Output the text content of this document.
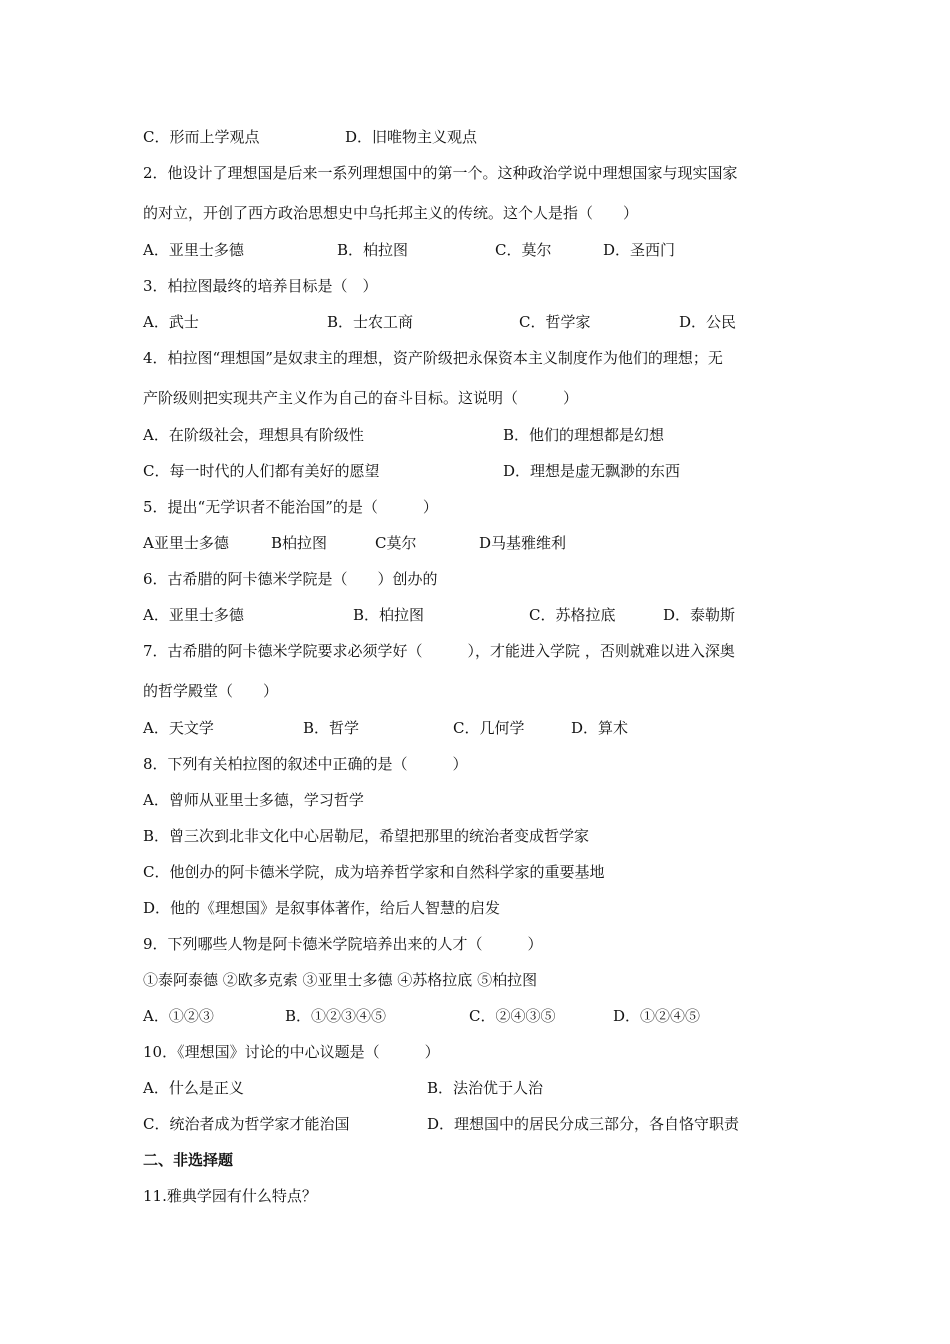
C．形而上学观点	D．旧唯物主义观点
2．他设计了理想国是后来一系列理想国中的第一个。这种政治学说中理想国家与现实国家
的对立，开创了西方政治思想史中乌托邦主义的传统。这个人是指（　　）
A．亚里士多德	B．柏拉图	C．莫尔	D．圣西门
3．柏拉图最终的培养目标是（　）
A．武士	B．士农工商	C．哲学家	D．公民
4．柏拉图“理想国”是奴隶主的理想，资产阶级把永保资本主义制度作为他们的理想；无
产阶级则把实现共产主义作为自己的奋斗目标。这说明（　　　）
A．在阶级社会，理想具有阶级性	B．他们的理想都是幻想
C．每一时代的人们都有美好的愿望	D．理想是虚无飘渺的东西
5．提出“无学识者不能治国”的是（　　　）
A亚里士多德	B柏拉图	C莫尔	D马基雅维利
6．古希腊的阿卡德米学院是（　　）创办的
A．亚里士多德	B．柏拉图	C．苏格拉底	D．泰勒斯
7．古希腊的阿卡德米学院要求必须学好（　　　），才能进入学院 ，否则就难以进入深奥
的哲学殿堂（　　）
A．天文学	B．哲学	C．几何学	D．算术
8．下列有关柏拉图的叙述中正确的是（　　　）
A．曾师从亚里士多德，学习哲学
B．曾三次到北非文化中心居勒尼，希望把那里的统治者变成哲学家
C．他创办的阿卡德米学院，成为培养哲学家和自然科学家的重要基地
D．他的《理想国》是叙事体著作，给后人智慧的启发
9．下列哪些人物是阿卡德米学院培养出来的人才（　　　）
①泰阿泰德 ②欧多克索 ③亚里士多德 ④苏格拉底 ⑤柏拉图
A．①②③	B．①②③④⑤	C．②④③⑤	D．①②④⑤
10．《理想国》讨论的中心议题是（　　　）
A．什么是正义	B．法治优于人治
C．统治者成为哲学家才能治国	D．理想国中的居民分成三部分，各自恪守职责
二、非选择题
11.雅典学园有什么特点？
